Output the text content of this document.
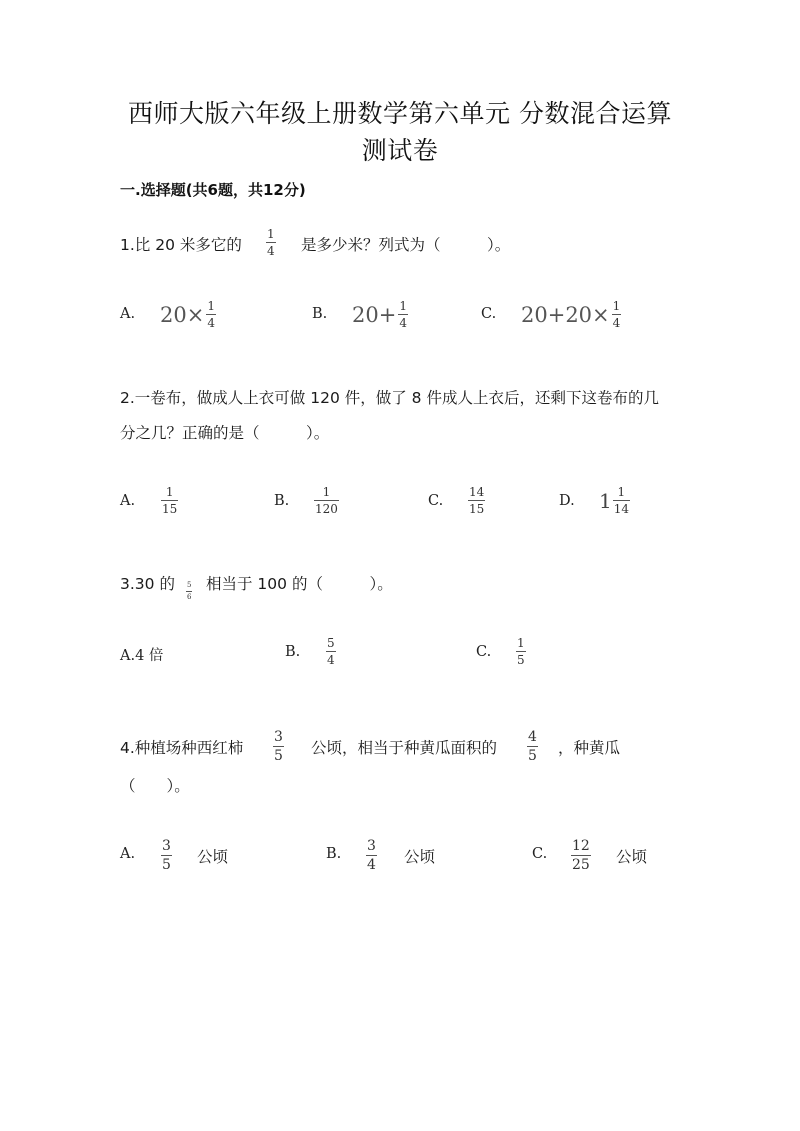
西师大版六年级上册数学第六单元 分数混合运算
测试卷
一.选择题(共6题，共12分)
1.比 20 米多它的
1
4 是多少米？列式为（　　　）。
A. $20\times \frac{1}{4}$	B. $20+ \frac{1}{4}$	C. $20+20\times \frac{1}{4}$
2.一卷布，做成人上衣可做 120 件，做了 8 件成人上衣后，还剩下这卷布的几
分之几？正确的是（　　　）。
A.
1
15	B.
1
120	C.
14
15	D. $1 \frac{1}{14}$
3.30 的 5
6
相当于 100 的（　　　）。
A.4 倍	B.
5
4	C.
1
5
4.种植场种西红柿
3
5 公顷，相当于种黄瓜面积的
4
5 ，种黄瓜
（　　）。
A. 3
5 公顷	B. 3
4 公顷	C. 12
25 公顷
